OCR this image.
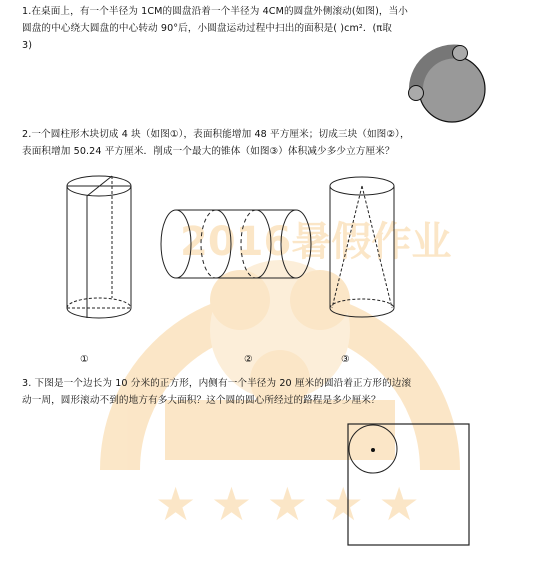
2016暑假作业
★ ★ ★ ★ ★
1.在桌面上，有一个半径为 1CM的圆盘沿着一个半径为 4CM的圆盘外侧滚动(如图)，当小
圆盘的中心绕大圆盘的中心转动 90°后，小圆盘运动过程中扫出的面积是( )cm²．(π取
3)
2.一个圆柱形木块切成 4 块（如图①），表面积能增加 48 平方厘米；切成三块（如图②），
表面积增加 50.24 平方厘米．削成一个最大的锥体（如图③）体积减少多少立方厘米？
①	②	③
3. 下图是一个边长为 10 分米的正方形，内侧有一个半径为 20 厘米的圆沿着正方形的边滚
动一周，圆形滚动不到的地方有多大面积？这个圆的圆心所经过的路程是多少厘米？
